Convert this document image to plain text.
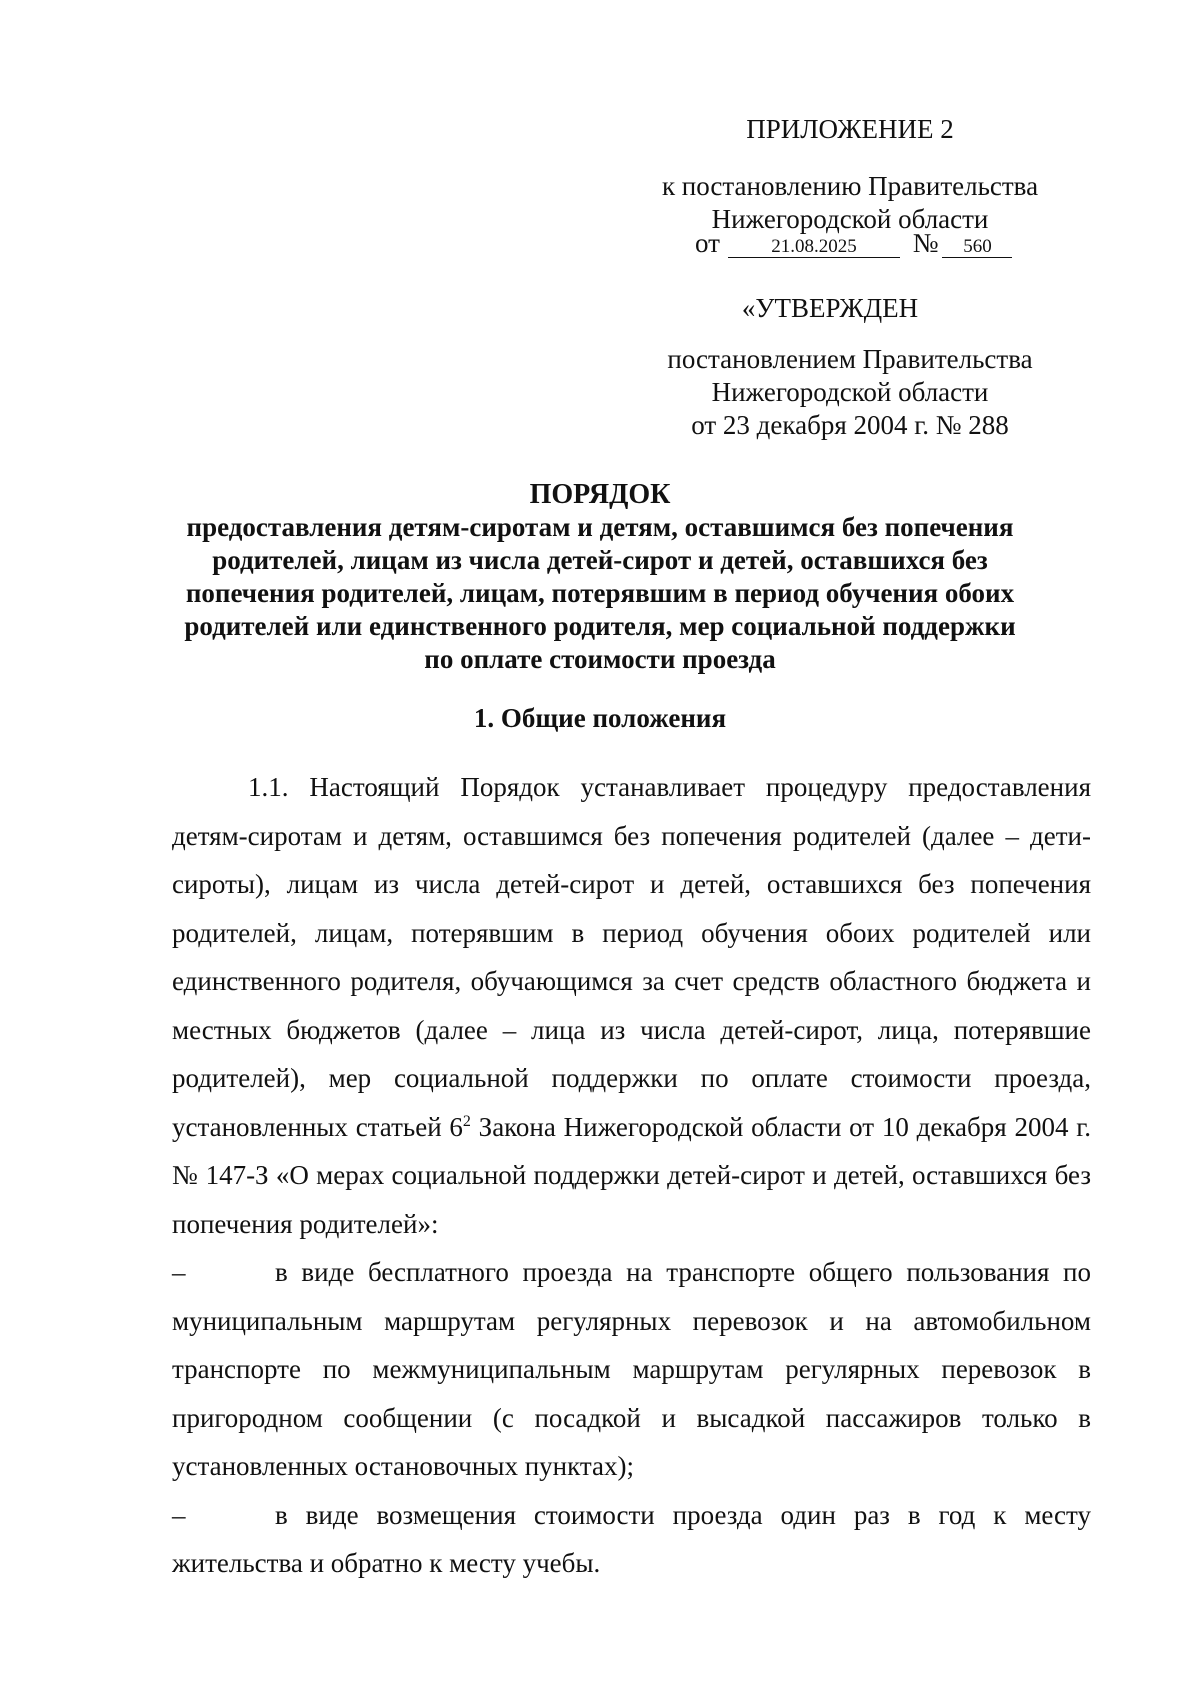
ПРИЛОЖЕНИЕ 2
к постановлению Правительства
Нижегородской области
от	21.08.2025	№	560
«УТВЕРЖДЕН
постановлением Правительства
Нижегородской области
от 23 декабря 2004 г. № 288
ПОРЯДОК
предоставления детям-сиротам и детям, оставшимся без попечения
родителей, лицам из числа детей-сирот и детей, оставшихся без
попечения родителей, лицам, потерявшим в период обучения обоих
родителей или единственного родителя, мер социальной поддержки
по оплате стоимости проезда
1. Общие положения

1.1. Настоящий Порядок устанавливает процедуру предоставления детям-сиротам и детям, оставшимся без попечения родителей (далее – дети-сироты), лицам из числа детей-сирот и детей, оставшихся без попечения родителей, лицам, потерявшим в период обучения обоих родителей или единственного родителя, обучающимся за счет средств областного бюджета и местных бюджетов (далее – лица из числа детей-сирот, лица, потерявшие родителей), мер социальной поддержки по оплате стоимости проезда, установленных статьей $6^2$ Закона Нижегородской области от 10 декабря 2004 г. № 147-З «О мерах социальной поддержки детей-сирот и детей, оставшихся без попечения родителей»:

–	в виде бесплатного проезда на транспорте общего пользования по муниципальным маршрутам регулярных перевозок и на автомобильном транспорте по межмуниципальным маршрутам регулярных перевозок в пригородном сообщении (с посадкой и высадкой пассажиров только в установленных остановочных пунктах);

–	в виде возмещения стоимости проезда один раз в год к месту жительства и обратно к месту учебы.
